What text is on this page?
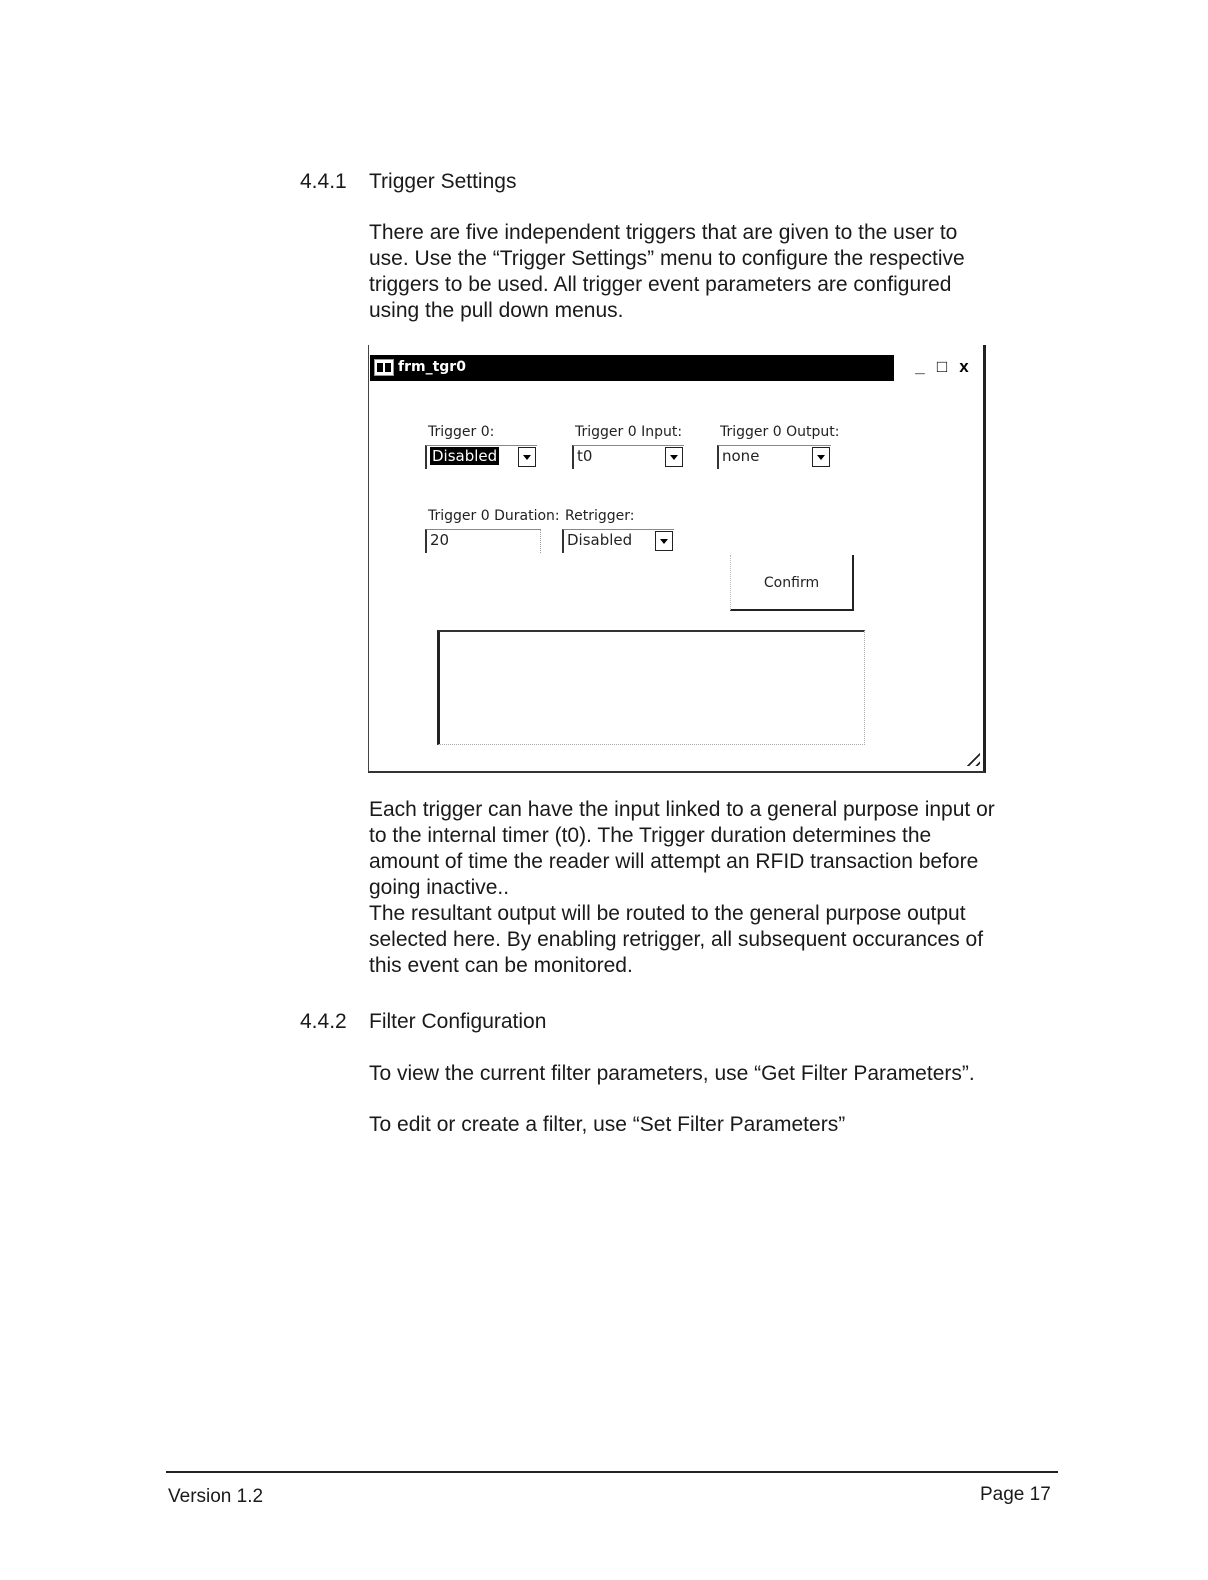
4.4.1 Trigger Settings

There are five independent triggers that are given to the user to

use. Use the “Trigger Settings” menu to configure the respective

triggers to be used. All trigger event parameters are configured

using the pull down menus.

frm_tgr0	_ □ x
Trigger 0:
Disabled
Trigger 0 Input:
t0
Trigger 0 Output:
none
Trigger 0 Duration:
20
Retrigger:
Disabled
Confirm

Each trigger can have the input linked to a general purpose input or

to the internal timer (t0). The Trigger duration determines the

amount of time the reader will attempt an RFID transaction before

going inactive..

The resultant output will be routed to the general purpose output

selected here. By enabling retrigger, all subsequent occurances of

this event can be monitored.

4.4.2 Filter Configuration
To view the current filter parameters, use “Get Filter Parameters”.
To edit or create a filter, use “Set Filter Parameters”
Version 1.2	Page 17
